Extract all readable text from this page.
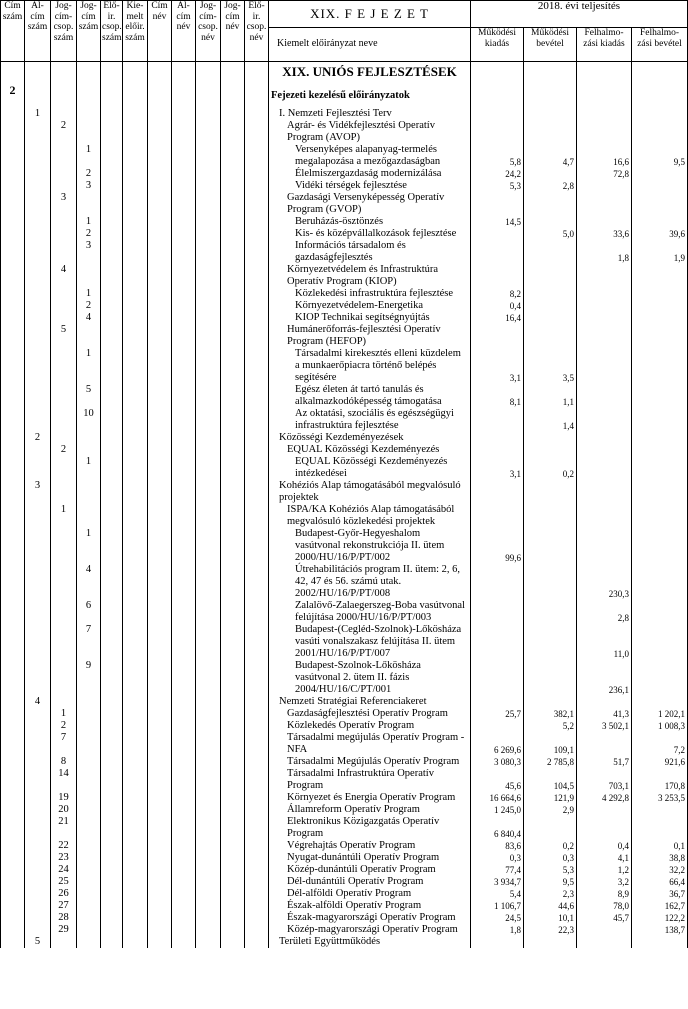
Cím szám	Al- cím szám	Jog- cím- csop. szám	Jog- cím szám	Elő- ir. csop. szám	Kie- melt előir. szám	Cím név	Al- cím név	Jog- cím- csop. név	Jog- cím név	Elő- ir. csop. név	XIX. F E J E Z E T	2018. évi teljesítés			
											Kiemelt előirányzat neve	Működési kiadás	Működési bevétel	Felhalmo- zási kiadás	Felhalmo- zási bevétel
											XIX. UNIÓS FEJLESZTÉSEK				
2											Fejezeti kezelésű előirányzatok				
	1										I. Nemzeti Fejlesztési Terv				
		2									Agrár- és Vidékfejlesztési Operatív Program (AVOP)				
			1								Versenyképes alapanyag-termelés megalapozása a mezőgazdaságban	5,8	4,7	16,6	9,5
			2								Élelmiszergazdaság modernizálása	24,2		72,8	
			3								Vidéki térségek fejlesztése	5,3	2,8		
		3									Gazdasági Versenyképesség Operatív Program (GVOP)				
			1								Beruházás-ösztönzés	14,5			
			2								Kis- és középvállalkozások fejlesztése		5,0	33,6	39,6
			3								Információs társadalom és gazdaságfejlesztés			1,8	1,9
		4									Környezetvédelem és Infrastruktúra Operatív Program (KIOP)				
			1								Közlekedési infrastruktúra fejlesztése	8,2			
			2								Környezetvédelem-Energetika	0,4			
			4								KIOP Technikai segítségnyújtás	16,4			
		5									Humánerőforrás-fejlesztési Operatív Program (HEFOP)				
			1								Társadalmi kirekesztés elleni küzdelem a munkaerőpiacra történő belépés segítésére	3,1	3,5		
			5								Egész életen át tartó tanulás és alkalmazkodóképesség támogatása	8,1	1,1		
			10								Az oktatási, szociális és egészségügyi infrastruktúra fejlesztése		1,4		
	2										Közösségi Kezdeményezések				
		2									EQUAL Közösségi Kezdeményezés				
			1								EQUAL Közösségi Kezdeményezés intézkedései	3,1	0,2		
	3										Kohéziós Alap támogatásából megvalósuló projektek				
		1									ISPA/KA Kohéziós Alap támogatásából megvalósuló közlekedési projektek				
			1								Budapest-Győr-Hegyeshalom vasútvonal rekonstrukciója II. ütem 2000/HU/16/P/PT/002	99,6			
			4								Útrehabilitációs program II. ütem: 2, 6, 42, 47 és 56. számú utak. 2002/HU/16/P/PT/008			230,3	
			6								Zalalövő-Zalaegerszeg-Boba vasútvonal felújítása 2000/HU/16/P/PT/003			2,8	
			7								Budapest-(Cegléd-Szolnok)-Lőkösháza vasúti vonalszakasz felújítása II. ütem 2001/HU/16/P/PT/007			11,0	
			9								Budapest-Szolnok-Lőkösháza vasútvonal 2. ütem II. fázis 2004/HU/16/C/PT/001			236,1	
	4										Nemzeti Stratégiai Referenciakeret				
		1									Gazdaságfejlesztési Operatív Program	25,7	382,1	41,3	1 202,1
		2									Közlekedés Operatív Program		5,2	3 502,1	1 008,3
		7									Társadalmi megújulás Operatív Program - NFA	6 269,6	109,1		7,2
		8									Társadalmi Megújulás Operatív Program	3 080,3	2 785,8	51,7	921,6
		14									Társadalmi Infrastruktúra Operatív Program	45,6	104,5	703,1	170,8
		19									Környezet és Energia Operatív Program	16 664,6	121,9	4 292,8	3 253,5
		20									Államreform Operatív Program	1 245,0	2,9		
		21									Elektronikus Közigazgatás Operatív Program	6 840,4			
		22									Végrehajtás Operatív Program	83,6	0,2	0,4	0,1
		23									Nyugat-dunántúli Operatív Program	0,3	0,3	4,1	38,8
		24									Közép-dunántúli Operatív Program	77,4	5,3	1,2	32,2
		25									Dél-dunántúli Operatív Program	3 934,7	9,5	3,2	66,4
		26									Dél-alföldi Operatív Program	5,4	2,3	8,9	36,7
		27									Észak-alföldi Operatív Program	1 106,7	44,6	78,0	162,7
		28									Észak-magyarországi Operatív Program	24,5	10,1	45,7	122,2
		29									Közép-magyarországi Operatív Program	1,8	22,3		138,7
	5										Területi Együttműködés				
